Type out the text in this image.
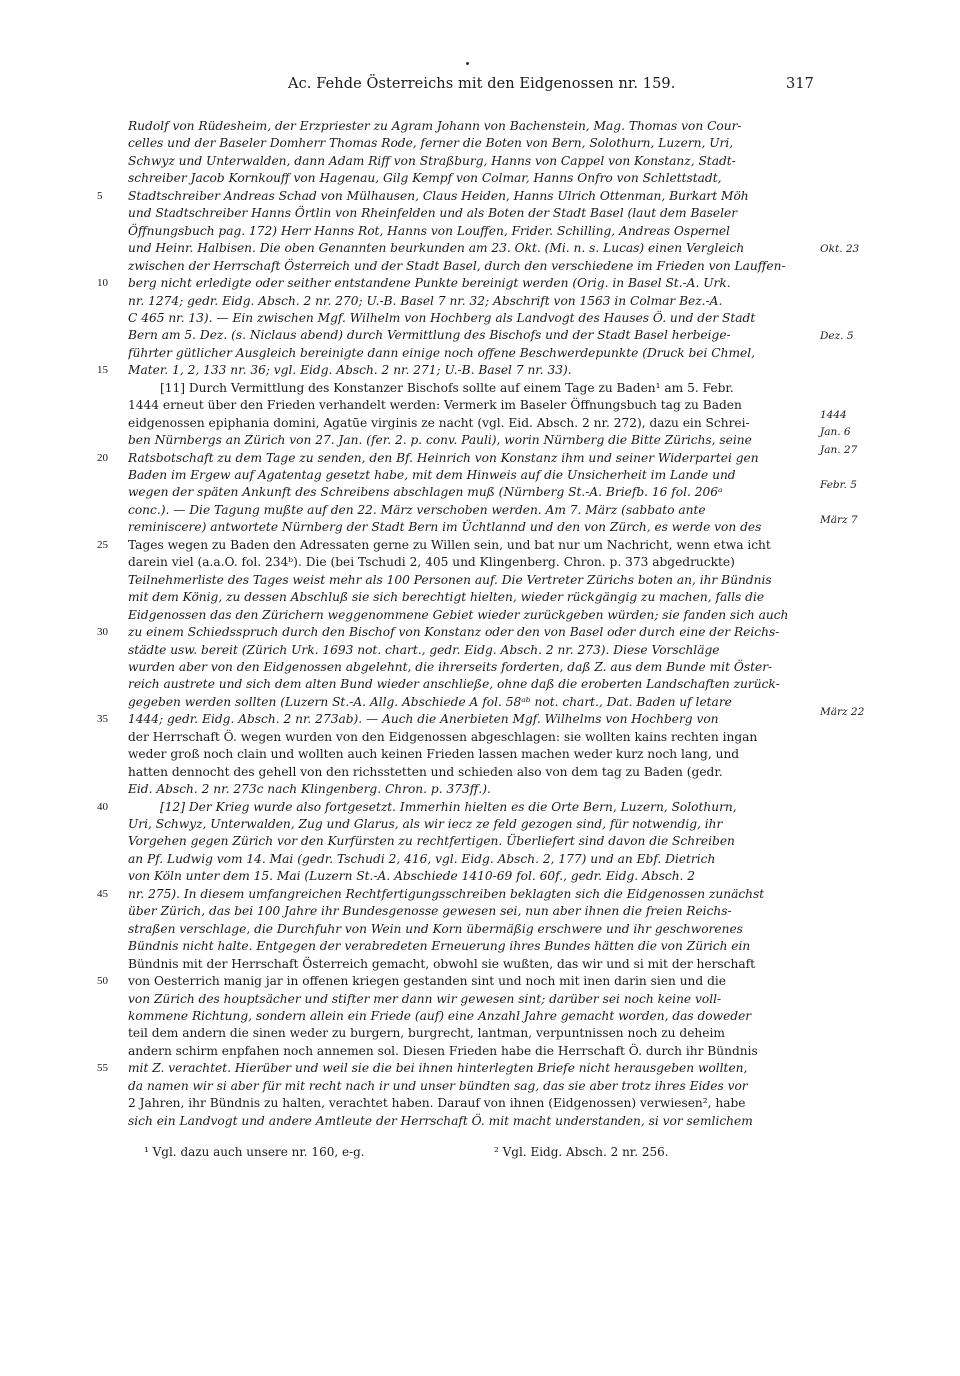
Ac. Fehde Österreichs mit den Eidgenossen nr. 159.	317
Rudolf von Rüdesheim, der Erzpriester zu Agram Johann von Bachenstein, Mag. Thomas von Cour-
celles und der Baseler Domherr Thomas Rode, ferner die Boten von Bern, Solothurn, Luzern, Uri,
Schwyz und Unterwalden, dann Adam Riff von Straßburg, Hanns von Cappel von Konstanz, Stadt-
schreiber Jacob Kornkouff von Hagenau, Gilg Kempf von Colmar, Hanns Onfro von Schlettstadt,
Stadtschreiber Andreas Schad von Mülhausen, Claus Heiden, Hanns Ulrich Ottenman, Burkart Möh
und Stadtschreiber Hanns Örtlin von Rheinfelden und als Boten der Stadt Basel (laut dem Baseler
Öffnungsbuch pag. 172) Herr Hanns Rot, Hanns von Louffen, Frider. Schilling, Andreas Ospernel
und Heinr. Halbisen. Die oben Genannten beurkunden am 23. Okt. (Mi. n. s. Lucas) einen Vergleich
zwischen der Herrschaft Österreich und der Stadt Basel, durch den verschiedene im Frieden von Lauffen-
berg nicht erledigte oder seither entstandene Punkte bereinigt werden (Orig. in Basel St.-A. Urk.
nr. 1274; gedr. Eidg. Absch. 2 nr. 270; U.-B. Basel 7 nr. 32; Abschrift von 1563 in Colmar Bez.-A.
C 465 nr. 13). — Ein zwischen Mgf. Wilhelm von Hochberg als Landvogt des Hauses Ö. und der Stadt
Bern am 5. Dez. (s. Niclaus abend) durch Vermittlung des Bischofs und der Stadt Basel herbeige-
führter gütlicher Ausgleich bereinigte dann einige noch offene Beschwerdepunkte (Druck bei Chmel,
Mater. 1, 2, 133 nr. 36; vgl. Eidg. Absch. 2 nr. 271; U.-B. Basel 7 nr. 33).
[11] Durch Vermittlung des Konstanzer Bischofs sollte auf einem Tage zu Baden¹ am 5. Febr.
1444 erneut über den Frieden verhandelt werden: Vermerk im Baseler Öffnungsbuch tag zu Baden
eidgenossen epiphania domini, Agatūe virginis ze nacht (vgl. Eid. Absch. 2 nr. 272), dazu ein Schrei-
ben Nürnbergs an Zürich von 27. Jan. (fer. 2. p. conv. Pauli), worin Nürnberg die Bitte Zürichs, seine
Ratsbotschaft zu dem Tage zu senden, den Bf. Heinrich von Konstanz ihm und seiner Widerpartei gen
Baden im Ergew auf Agatentag gesetzt habe, mit dem Hinweis auf die Unsicherheit im Lande und
wegen der späten Ankunft des Schreibens abschlagen muß (Nürnberg St.-A. Briefb. 16 fol. 206ᵃ
conc.). — Die Tagung mußte auf den 22. März verschoben werden. Am 7. März (sabbato ante
reminiscere) antwortete Nürnberg der Stadt Bern im Üchtlannd und den von Zürch, es werde von des
Tages wegen zu Baden den Adressaten gerne zu Willen sein, und bat nur um Nachricht, wenn etwa icht
darein viel (a.a.O. fol. 234ᵇ). Die (bei Tschudi 2, 405 und Klingenberg. Chron. p. 373 abgedruckte)
Teilnehmerliste des Tages weist mehr als 100 Personen auf. Die Vertreter Zürichs boten an, ihr Bündnis
mit dem König, zu dessen Abschluß sie sich berechtigt hielten, wieder rückgängig zu machen, falls die
Eidgenossen das den Zürichern weggenommene Gebiet wieder zurückgeben würden; sie fanden sich auch
zu einem Schiedsspruch durch den Bischof von Konstanz oder den von Basel oder durch eine der Reichs-
städte usw. bereit (Zürich Urk. 1693 not. chart., gedr. Eidg. Absch. 2 nr. 273). Diese Vorschläge
wurden aber von den Eidgenossen abgelehnt, die ihrerseits forderten, daß Z. aus dem Bunde mit Öster-
reich austrete und sich dem alten Bund wieder anschließe, ohne daß die eroberten Landschaften zurück-
gegeben werden sollten (Luzern St.-A. Allg. Abschiede A fol. 58ᵃᵇ not. chart., Dat. Baden uf letare
1444; gedr. Eidg. Absch. 2 nr. 273ab). — Auch die Anerbieten Mgf. Wilhelms von Hochberg von
der Herrschaft Ö. wegen wurden von den Eidgenossen abgeschlagen: sie wollten kains rechten ingan
weder groß noch clain und wollten auch keinen Frieden lassen machen weder kurz noch lang, und
hatten dennocht des gehell von den richsstetten und schieden also von dem tag zu Baden (gedr.
Eid. Absch. 2 nr. 273c nach Klingenberg. Chron. p. 373ff.).
[12] Der Krieg wurde also fortgesetzt. Immerhin hielten es die Orte Bern, Luzern, Solothurn,
Uri, Schwyz, Unterwalden, Zug und Glarus, als wir iecz ze feld gezogen sind, für notwendig, ihr
Vorgehen gegen Zürich vor den Kurfürsten zu rechtfertigen. Überliefert sind davon die Schreiben
an Pf. Ludwig vom 14. Mai (gedr. Tschudi 2, 416, vgl. Eidg. Absch. 2, 177) und an Ebf. Dietrich
von Köln unter dem 15. Mai (Luzern St.-A. Abschiede 1410-69 fol. 60f., gedr. Eidg. Absch. 2
nr. 275). In diesem umfangreichen Rechtfertigungsschreiben beklagten sich die Eidgenossen zunächst
über Zürich, das bei 100 Jahre ihr Bundesgenosse gewesen sei, nun aber ihnen die freien Reichs-
straßen verschlage, die Durchfuhr von Wein und Korn übermäßig erschwere und ihr geschworenes
Bündnis nicht halte. Entgegen der verabredeten Erneuerung ihres Bundes hätten die von Zürich ein
Bündnis mit der Herrschaft Österreich gemacht, obwohl sie wußten, das wir und si mit der herschaft
von Oesterrich manig jar in offenen kriegen gestanden sint und noch mit inen darin sien und die
von Zürich des houptsächer und stifter mer dann wir gewesen sint; darüber sei noch keine voll-
kommene Richtung, sondern allein ein Friede (auf) eine Anzahl Jahre gemacht worden, das doweder
teil dem andern die sinen weder zu burgern, burgrecht, lantman, verpuntnissen noch zu deheim
andern schirm enpfahen noch annemen sol. Diesen Frieden habe die Herrschaft Ö. durch ihr Bündnis
mit Z. verachtet. Hierüber und weil sie die bei ihnen hinterlegten Briefe nicht herausgeben wollten,
da namen wir si aber für mit recht nach ir und unser bündten sag, das sie aber trotz ihres Eides vor
2 Jahren, ihr Bündnis zu halten, verachtet haben. Darauf von ihnen (Eidgenossen) verwiesen², habe
sich ein Landvogt und andere Amtleute der Herrschaft Ö. mit macht understanden, si vor semlichem
5
10
15
20
25
30
35
40
45
50
55
Okt. 23
Dez. 5
1444
Jan. 6
Jan. 27
Febr. 5
März 7
März 22
¹ Vgl. dazu auch unsere nr. 160, e-g.	² Vgl. Eidg. Absch. 2 nr. 256.
